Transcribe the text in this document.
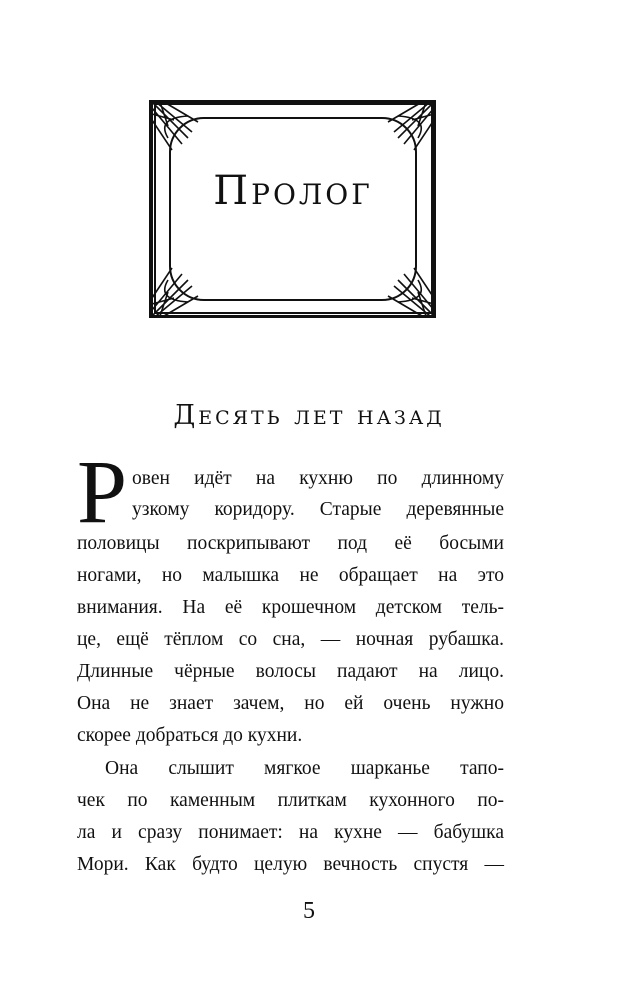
Пролог
Десять лет назад
Р овен идёт на кухню по длинному
узкому коридору. Старые деревянные
половицы поскрипывают под её босыми
ногами, но малышка не обращает на это
внимания. На её крошечном детском тель-
це, ещё тёплом со сна, — ночная рубашка.
Длинные чёрные волосы падают на лицо.
Она не знает зачем, но ей очень нужно
скорее добраться до кухни.
Она слышит мягкое шарканье тапо-
чек по каменным плиткам кухонного по-
ла и сразу понимает: на кухне — бабушка
Мори. Как будто целую вечность спустя —
5
